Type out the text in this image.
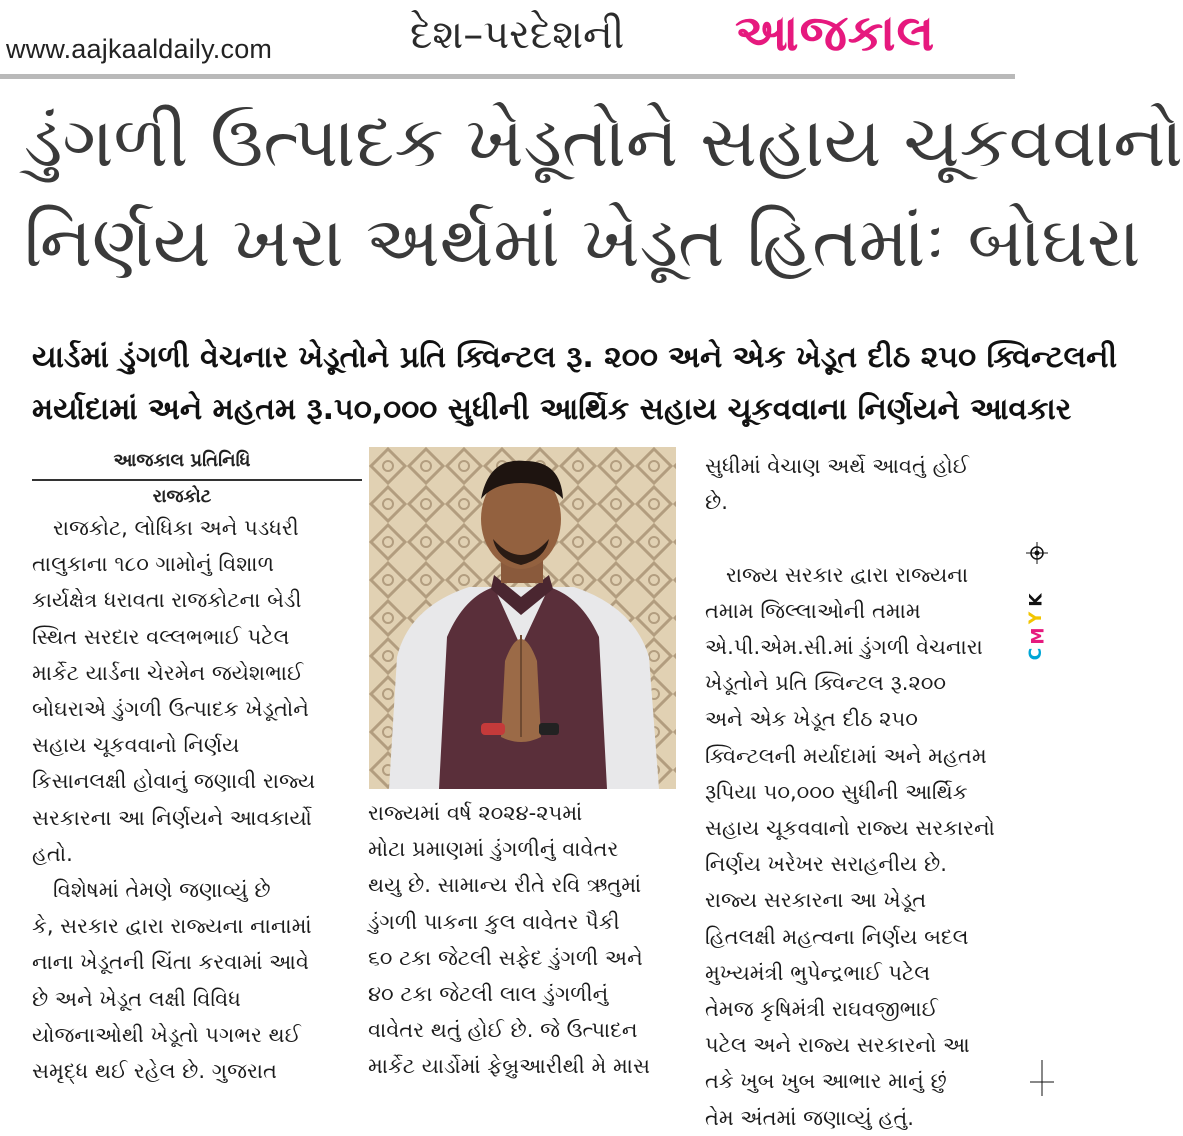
www.aajkaaldaily.com	દેશ–પરદેશની આજકાલ
ડુંગળી ઉત્પાદક ખેડૂતોને સહાય ચૂકવવાનો
નિર્ણય ખરા અર્થમાં ખેડૂત હિતમાંઃ બોઘરા
યાર્ડમાં ડુંગળી વેચનાર ખેડૂતોને પ્રતિ ક્વિન્ટલ રૂ. ૨૦૦ અને એક ખેડૂત દીઠ ૨૫૦ ક્વિન્ટલની
મર્યાદામાં અને મહતમ રૂ.૫૦,૦૦૦ સુધીની આર્થિક સહાય ચૂકવવાના નિર્ણયને આવકાર
આજકાલ પ્રતિનિધિ
રાજકોટ

 રાજકોટ, લોધિકા અને પડધરી

તાલુકાના ૧૮૦ ગામોનું વિશાળ

કાર્યક્ષેત્ર ધરાવતા રાજકોટના બેડી

સ્થિત સરદાર વલ્લભભાઈ પટેલ

માર્કેટ યાર્ડના ચેરમેન જયેશભાઈ

બોઘરાએ ડુંગળી ઉત્પાદક ખેડૂતોને

સહાય ચૂકવવાનો નિર્ણય

કિસાનલક્ષી હોવાનું જણાવી રાજ્ય

સરકારના આ નિર્ણયને આવકાર્યો

હતો.

 વિશેષમાં તેમણે જણાવ્યું છે

કે, સરકાર દ્વારા રાજ્યના નાનામાં

નાના ખેડૂતની ચિંતા કરવામાં આવે

છે અને ખેડૂત લક્ષી વિવિધ

યોજનાઓથી ખેડૂતો પગભર થઈ

સમૃદ્ધ થઈ રહેલ છે. ગુજરાત

રાજ્યમાં વર્ષ ૨૦૨૪-૨૫માં

મોટા પ્રમાણમાં ડુંગળીનું વાવેતર

થયુ છે. સામાન્ય રીતે રવિ ઋતુમાં

ડુંગળી પાકના કુલ વાવેતર પૈકી

૬૦ ટકા જેટલી સફેદ ડુંગળી અને

૪૦ ટકા જેટલી લાલ ડુંગળીનું

વાવેતર થતું હોઈ છે. જે ઉત્પાદન

માર્કેટ યાર્ડોમાં ફેબ્રુઆરીથી મે માસ

સુધીમાં વેચાણ અર્થે આવતું હોઈ

છે.

 રાજ્ય સરકાર દ્વારા રાજ્યના

તમામ જિલ્લાઓની તમામ

એ.પી.એમ.સી.માં ડુંગળી વેચનારા

ખેડૂતોને પ્રતિ ક્વિન્ટલ રૂ.૨૦૦

અને એક ખેડૂત દીઠ ૨૫૦

ક્વિન્ટલની મર્યાદામાં અને મહતમ

રૂપિયા ૫૦,૦૦૦ સુધીની આર્થિક

સહાય ચૂકવવાનો રાજ્ય સરકારનો

નિર્ણય ખરેખર સરાહનીય છે.

રાજ્ય સરકારના આ ખેડૂત

હિતલક્ષી મહત્વના નિર્ણય બદલ

મુખ્યમંત્રી ભુપેન્દ્રભાઈ પટેલ

તેમજ કૃષિમંત્રી રાઘવજીભાઈ

પટેલ અને રાજ્ય સરકારનો આ

તકે ખુબ ખુબ આભાર માનું છું

તેમ અંતમાં જણાવ્યું હતું.

C
M
Y
K
